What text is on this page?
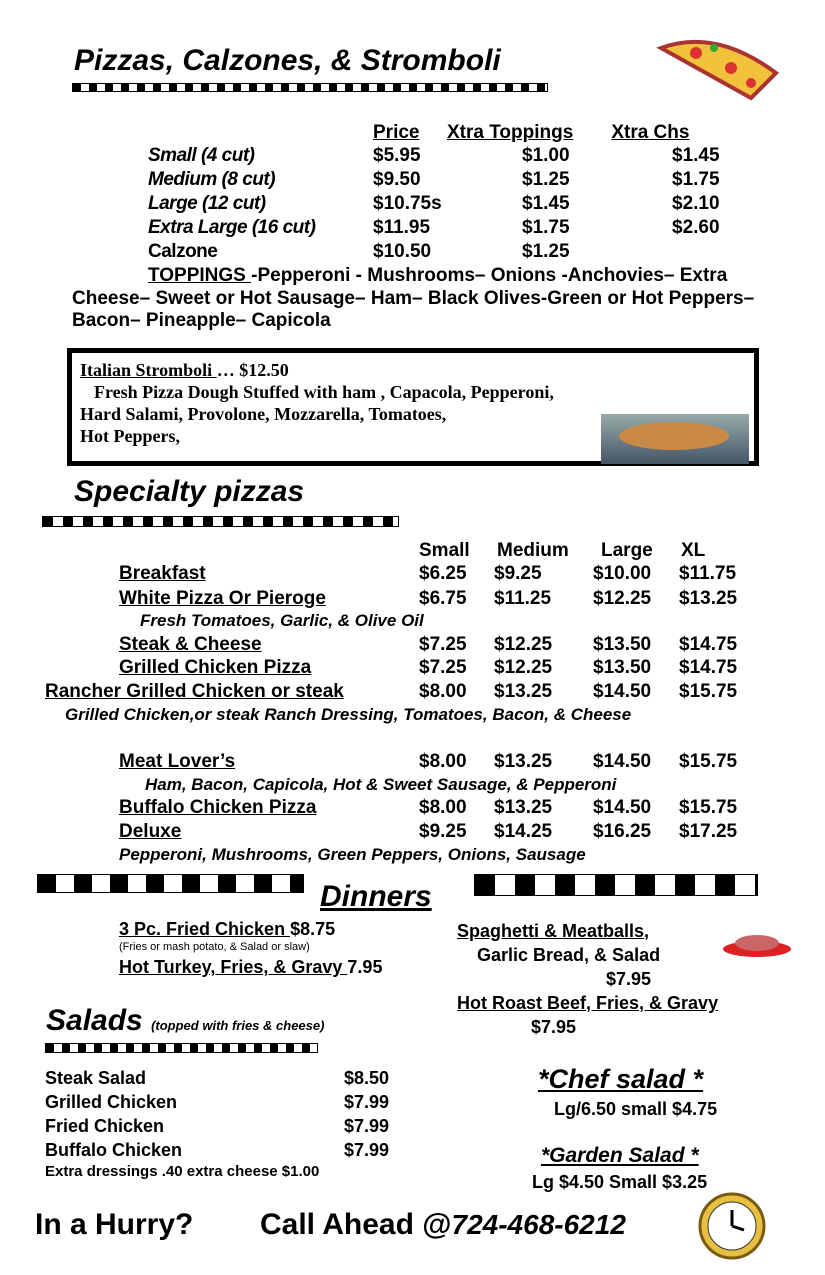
Pizzas, Calzones, & Stromboli
Price Xtra Toppings Xtra Chs
Small (4 cut)	$5.95	$1.00	$1.45
Medium (8 cut)	$9.50	$1.25	$1.75
Large (12 cut)	$10.75s	$1.45	$2.10
Extra Large (16 cut)	$11.95	$1.75	$2.60
Calzone	$10.50	$1.25
TOPPINGS -Pepperoni - Mushrooms– Onions -Anchovies– Extra
Cheese– Sweet or Hot Sausage– Ham– Black Olives-Green or Hot Peppers–
Bacon– Pineapple– Capicola
Italian Stromboli … $12.50
Fresh Pizza Dough Stuffed with ham , Capacola, Pepperoni,
Hard Salami, Provolone, Mozzarella, Tomatoes,
Hot Peppers,
Specialty pizzas
Small Medium Large XL
Breakfast	$6.25 $9.25	$10.00 $11.75
White Pizza Or Pieroge	$6.75 $11.25 $12.25 $13.25
Fresh Tomatoes, Garlic, & Olive Oil
Steak & Cheese	$7.25 $12.25 $13.50 $14.75
Grilled Chicken Pizza	$7.25 $12.25 $13.50 $14.75
Rancher Grilled Chicken or steak	$8.00 $13.25 $14.50 $15.75
Grilled Chicken,or steak Ranch Dressing, Tomatoes, Bacon, & Cheese
Meat Lover’s	$8.00 $13.25 $14.50 $15.75
Ham, Bacon, Capicola, Hot & Sweet Sausage, & Pepperoni
Buffalo Chicken Pizza	$8.00 $13.25 $14.50 $15.75
Deluxe	$9.25 $14.25 $16.25 $17.25
Pepperoni, Mushrooms, Green Peppers, Onions, Sausage
Dinners
3 Pc. Fried Chicken $8.75
(Fries or mash potato, & Salad or slaw)
Hot Turkey, Fries, & Gravy 7.95
Spaghetti & Meatballs,
Garlic Bread, & Salad
$7.95
Hot Roast Beef, Fries, & Gravy
$7.95
Salads (topped with fries & cheese)
Steak Salad	$8.50
Grilled Chicken	$7.99
Fried Chicken	$7.99
Buffalo Chicken	$7.99
Extra dressings .40 extra cheese $1.00
*Chef salad *
Lg/6.50 small $4.75
*Garden Salad *
Lg $4.50 Small $3.25
In a Hurry? Call Ahead @724-468-6212
